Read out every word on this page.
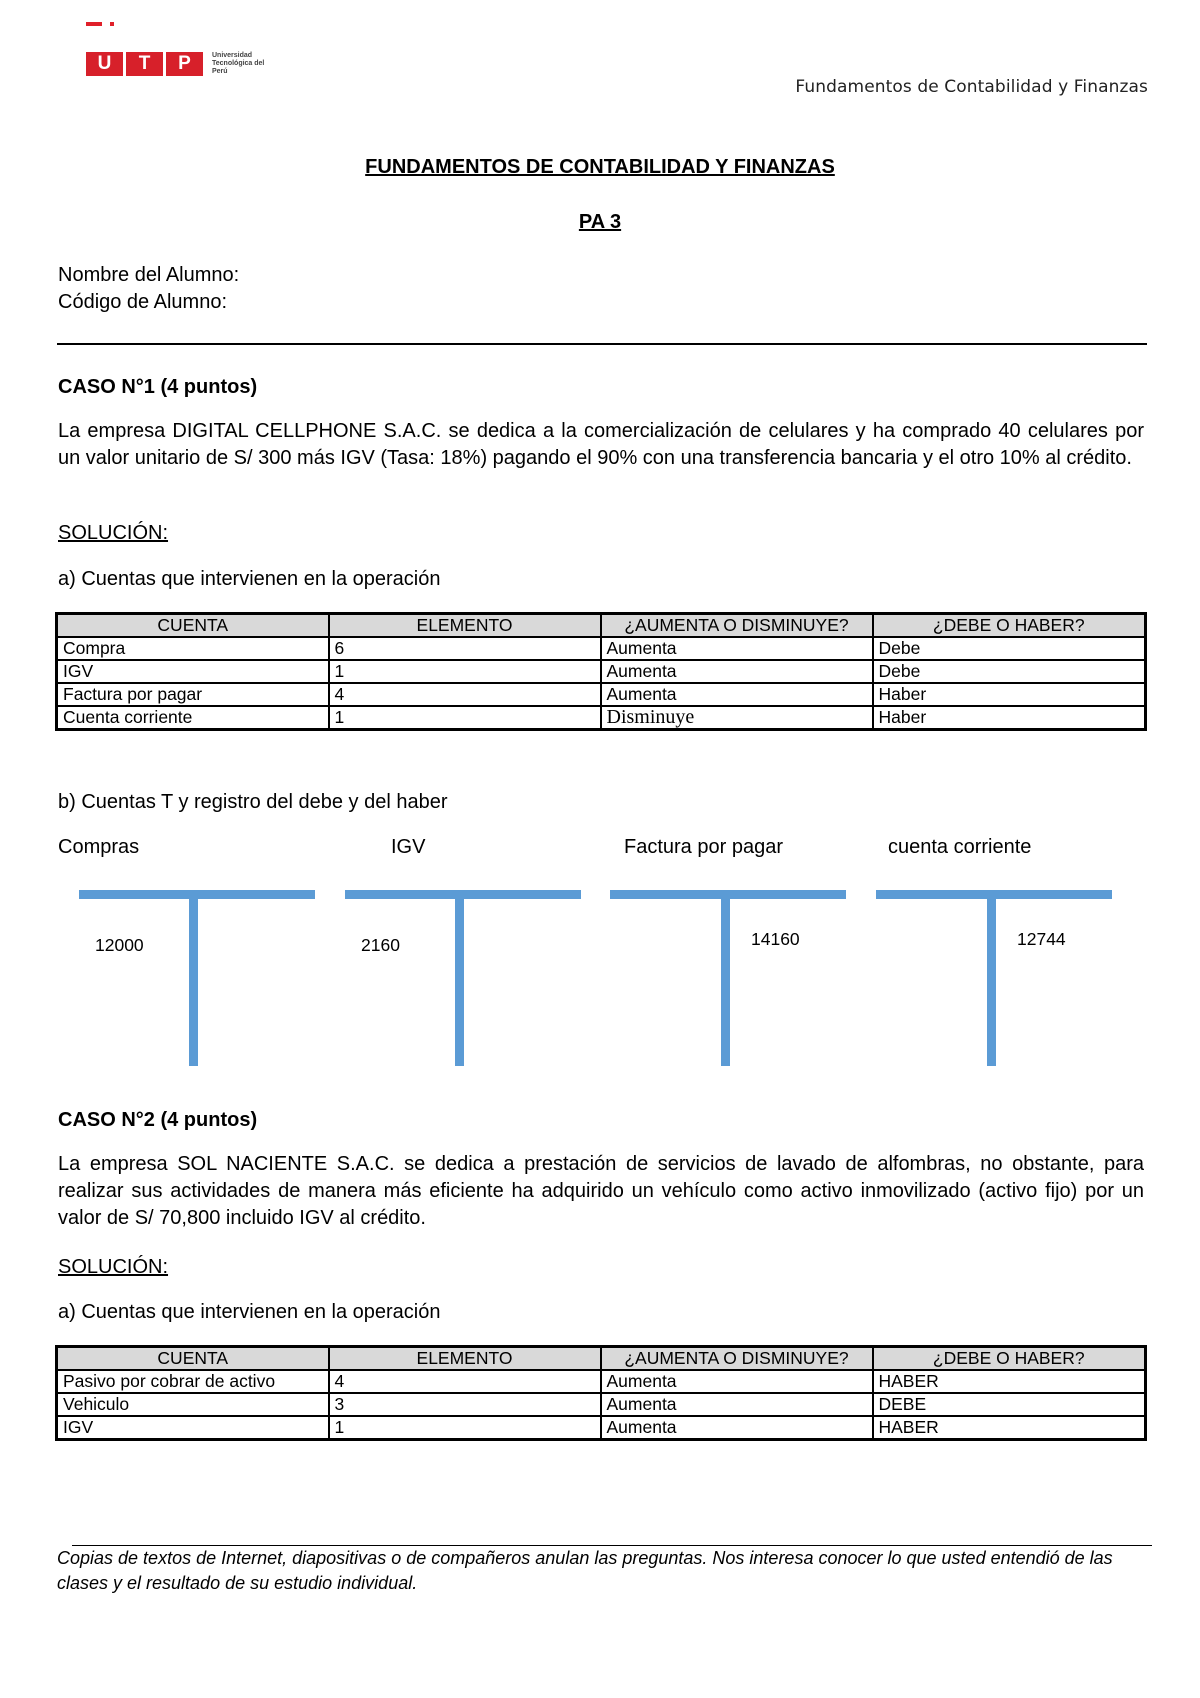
U	T	P	Universidad Tecnológica del Perú
Fundamentos de Contabilidad y Finanzas
FUNDAMENTOS DE CONTABILIDAD Y FINANZAS
PA 3
Nombre del Alumno:
Código de Alumno:
CASO N°1 (4 puntos)
La empresa DIGITAL CELLPHONE S.A.C. se dedica a la comercialización de celulares y ha comprado 40 celulares por un valor unitario de S/ 300 más IGV (Tasa: 18%) pagando el 90% con una transferencia bancaria y el otro 10% al crédito.
SOLUCIÓN:
a) Cuentas que intervienen en la operación
CUENTA	ELEMENTO	¿AUMENTA O DISMINUYE?	¿DEBE O HABER?
Compra	6	Aumenta	Debe
IGV	1	Aumenta	Debe
Factura por pagar	4	Aumenta	Haber
Cuenta corriente	1	Disminuye	Haber
b) Cuentas T y registro del debe y del haber
Compras	IGV	Factura por pagar	cuenta corriente
12000	2160	14160	12744
CASO N°2 (4 puntos)
La empresa SOL NACIENTE S.A.C. se dedica a prestación de servicios de lavado de alfombras, no obstante, para realizar sus actividades de manera más eficiente ha adquirido un vehículo como activo inmovilizado (activo fijo) por un valor de S/ 70,800 incluido IGV al crédito.
SOLUCIÓN:
a) Cuentas que intervienen en la operación
CUENTA	ELEMENTO	¿AUMENTA O DISMINUYE?	¿DEBE O HABER?
Pasivo por cobrar de activo	4	Aumenta	HABER
Vehiculo	3	Aumenta	DEBE
IGV	1	Aumenta	HABER
Copias de textos de Internet, diapositivas o de compañeros anulan las preguntas. Nos interesa conocer lo que usted entendió de las clases y el resultado de su estudio individual.
